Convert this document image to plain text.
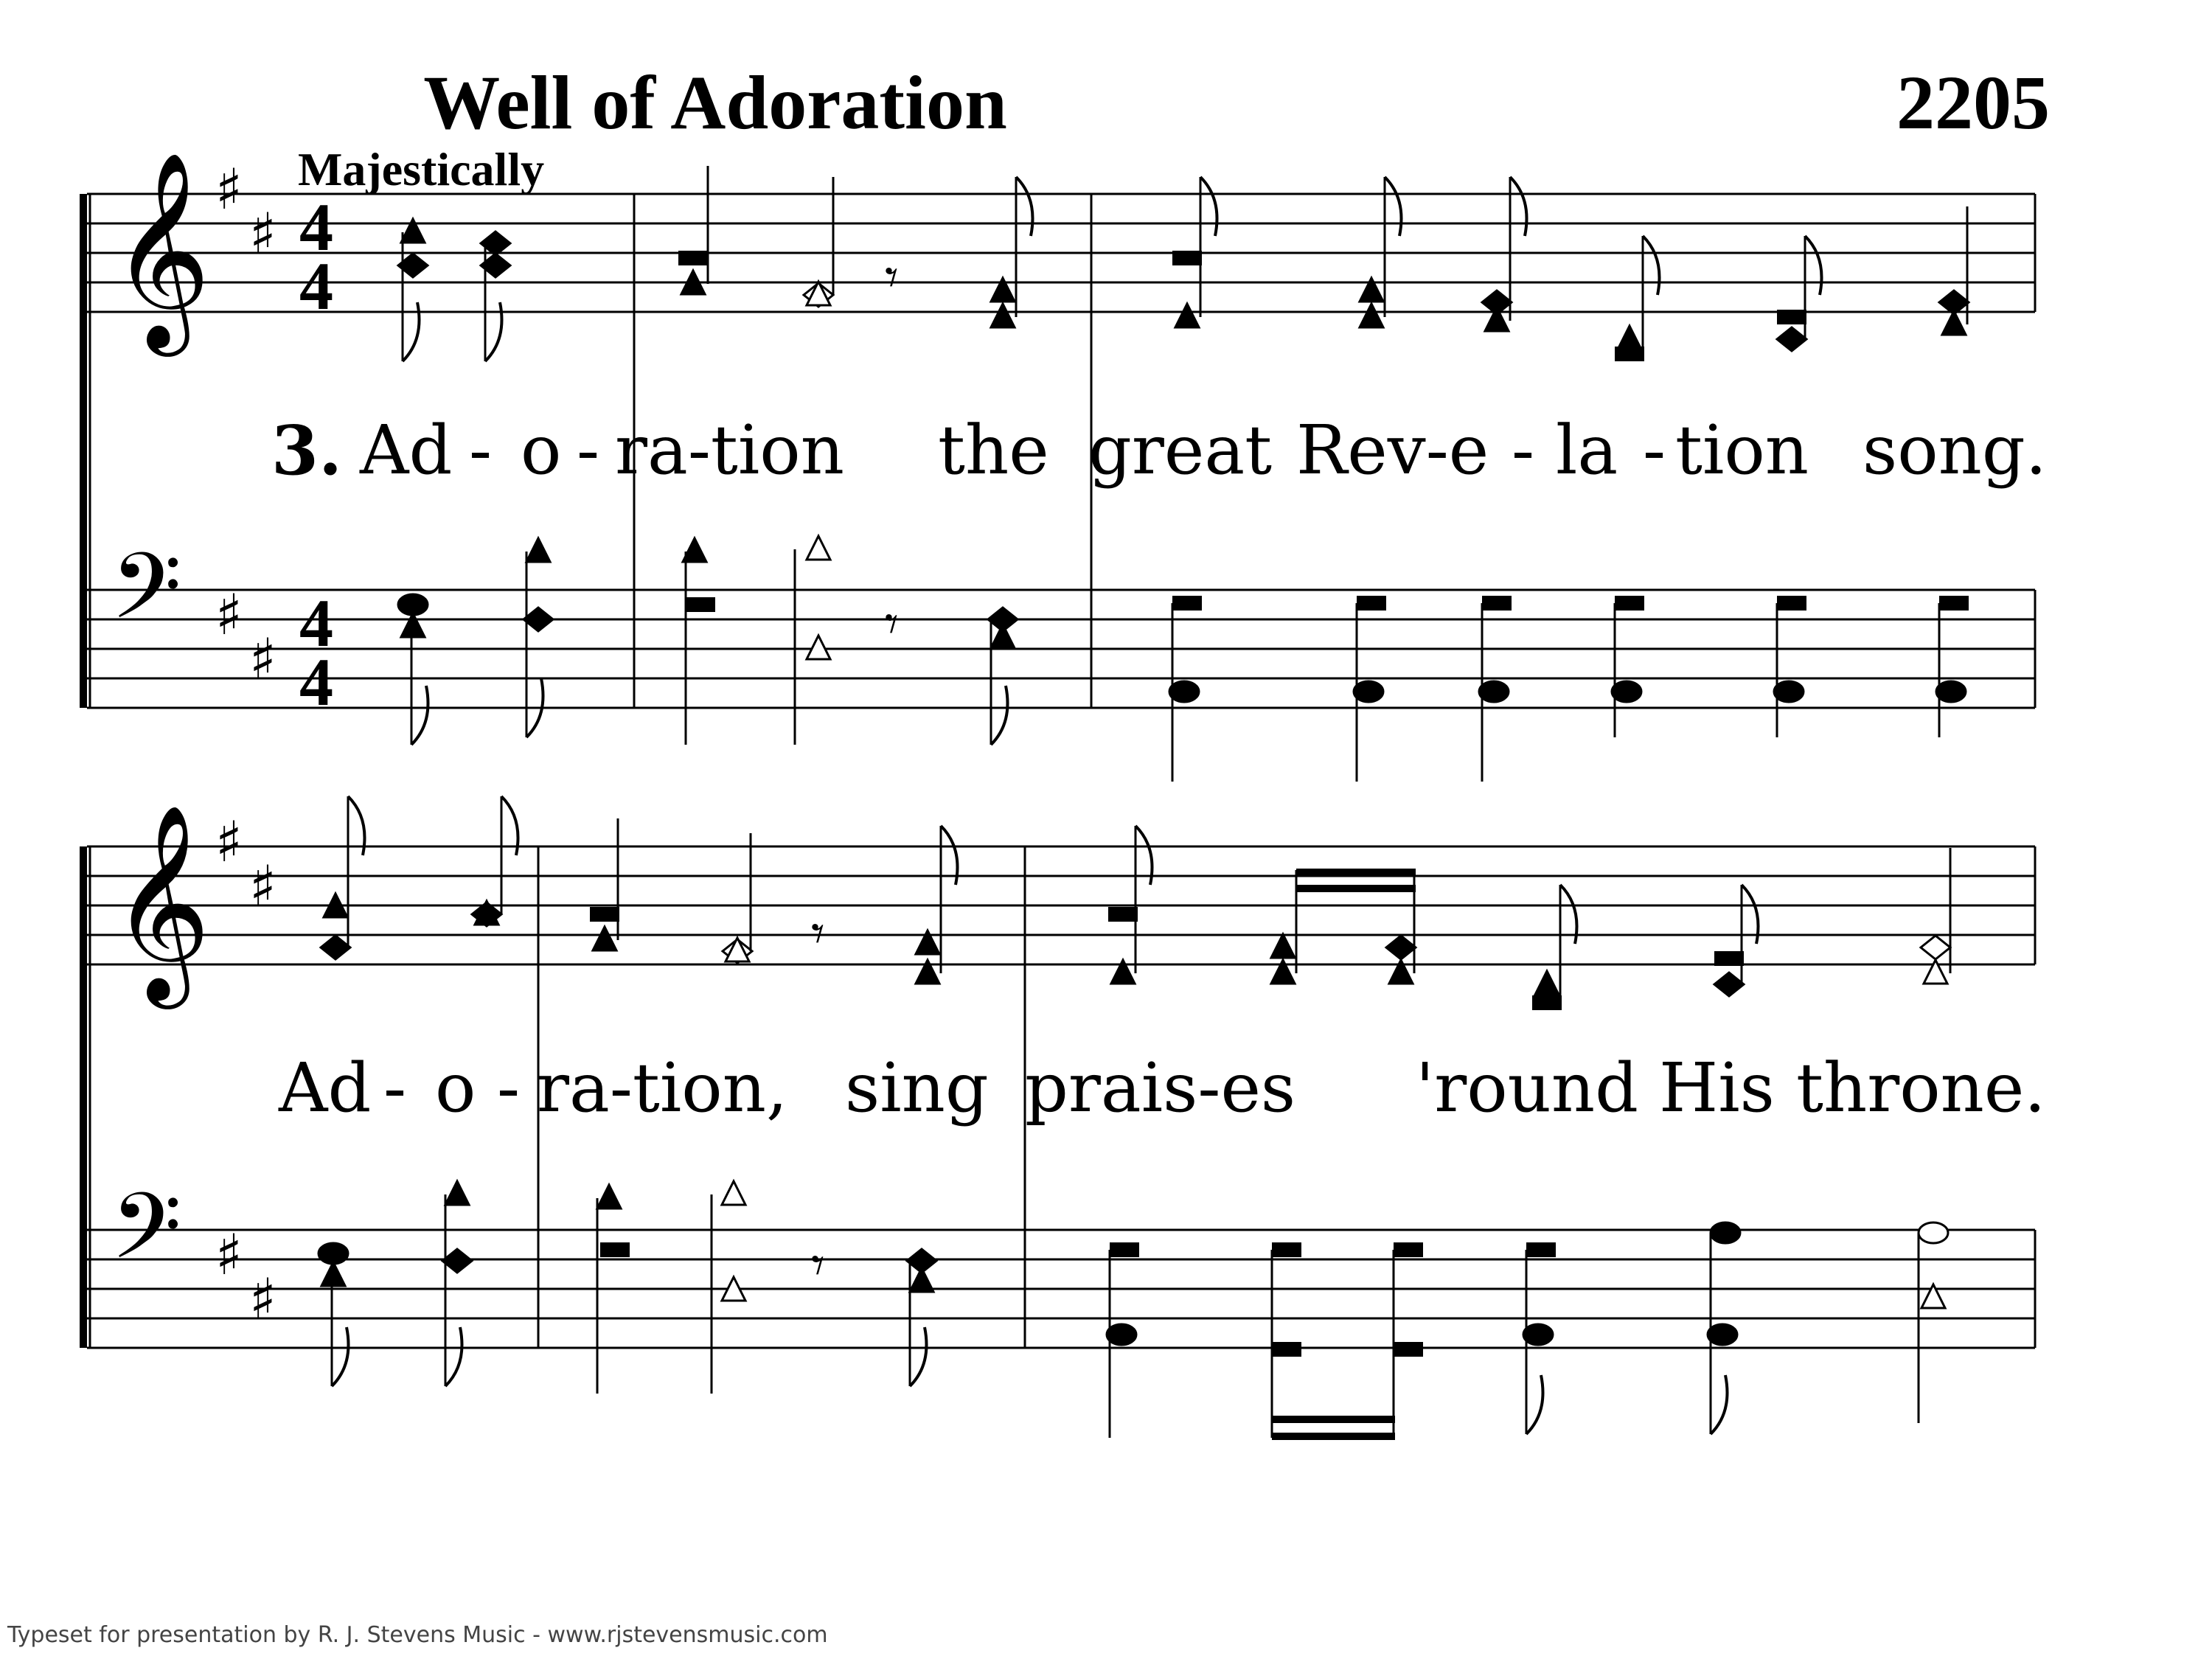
𝄞
𝄢
𝄞
𝄢
♯
♯
♯
♯
♯
♯
♯
♯
4
4
4
4
𝄾
𝄾
𝄾
𝄾
Well of Adoration	2205
Majestically
3. Ad - o - ra-tion the great Rev-e - la - tion song.
Ad - o - ra-tion, sing prais-es 'round His throne.
Typeset for presentation by R. J. Stevens Music - www.rjstevensmusic.com
